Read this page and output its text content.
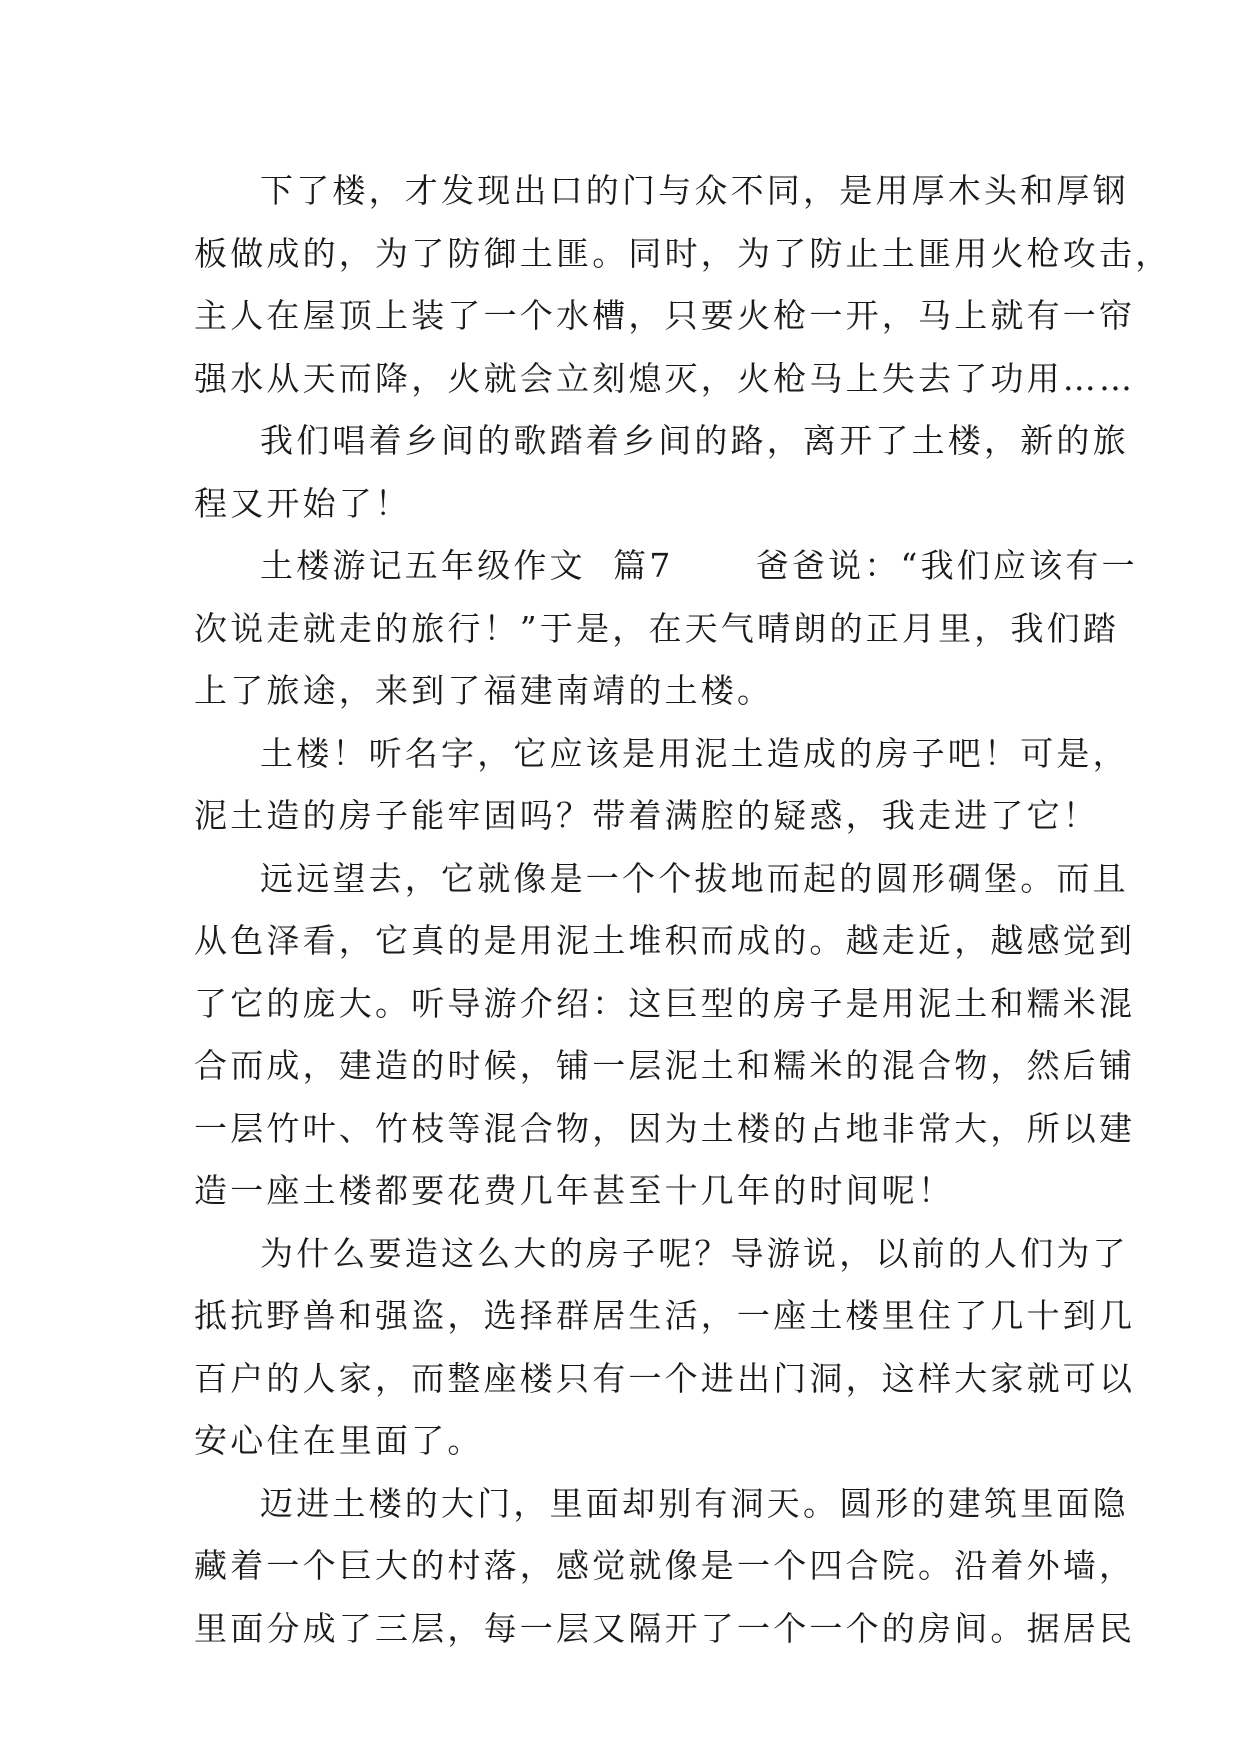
下了楼，才发现出口的门与众不同，是用厚木头和厚钢
板做成的，为了防御土匪。同时，为了防止土匪用火枪攻击，
主人在屋顶上装了一个水槽，只要火枪一开，马上就有一帘
强水从天而降，火就会立刻熄灭，火枪马上失去了功用……
我们唱着乡间的歌踏着乡间的路，离开了土楼，新的旅
程又开始了！
土楼游记五年级作文  篇7      爸爸说：“我们应该有一
次说走就走的旅行！”于是，在天气晴朗的正月里，我们踏
上了旅途，来到了福建南靖的土楼。
土楼！听名字，它应该是用泥土造成的房子吧！可是，
泥土造的房子能牢固吗？带着满腔的疑惑，我走进了它！
远远望去，它就像是一个个拔地而起的圆形碉堡。而且
从色泽看，它真的是用泥土堆积而成的。越走近，越感觉到
了它的庞大。听导游介绍：这巨型的房子是用泥土和糯米混
合而成，建造的时候，铺一层泥土和糯米的混合物，然后铺
一层竹叶、竹枝等混合物，因为土楼的占地非常大，所以建
造一座土楼都要花费几年甚至十几年的时间呢！
为什么要造这么大的房子呢？导游说，以前的人们为了
抵抗野兽和强盗，选择群居生活，一座土楼里住了几十到几
百户的人家，而整座楼只有一个进出门洞，这样大家就可以
安心住在里面了。
迈进土楼的大门，里面却别有洞天。圆形的建筑里面隐
藏着一个巨大的村落，感觉就像是一个四合院。沿着外墙，
里面分成了三层，每一层又隔开了一个一个的房间。据居民
